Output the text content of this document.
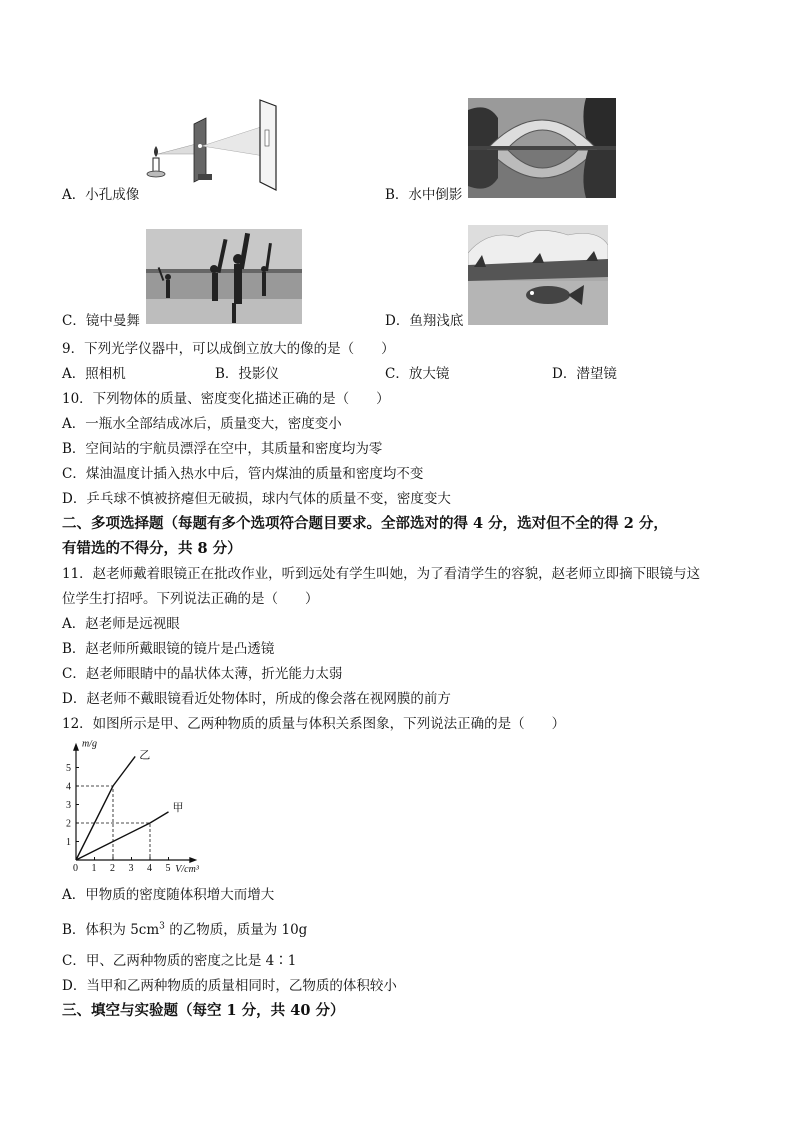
A．小孔成像	B．水中倒影
C．镜中曼舞	D．鱼翔浅底
9．下列光学仪器中，可以成倒立放大的像的是（　　）
A．照相机	B．投影仪	C．放大镜	D．潜望镜
10．下列物体的质量、密度变化描述正确的是（　　）
A．一瓶水全部结成冰后，质量变大，密度变小
B．空间站的宇航员漂浮在空中，其质量和密度均为零
C．煤油温度计插入热水中后，管内煤油的质量和密度均不变
D．乒乓球不慎被挤瘪但无破损，球内气体的质量不变，密度变大
二、多项选择题（每题有多个选项符合题目要求。全部选对的得 4 分，选对但不全的得 2 分，
有错选的不得分，共 8 分）
11．赵老师戴着眼镜正在批改作业，听到远处有学生叫她，为了看清学生的容貌，赵老师立即摘下眼镜与这
位学生打招呼。下列说法正确的是（　　）
A．赵老师是远视眼
B．赵老师所戴眼镜的镜片是凸透镜
C．赵老师眼睛中的晶状体太薄，折光能力太弱
D．赵老师不戴眼镜看近处物体时，所成的像会落在视网膜的前方
12．如图所示是甲、乙两种物质的质量与体积关系图象，下列说法正确的是（　　）
0 1 2 3 4 5
1
2
3
4
5
m/g
V/cm³
乙
甲
A．甲物质的密度随体积增大而增大
B．体积为 $5cm^3$ 的乙物质，质量为 10g
C．甲、乙两种物质的密度之比是 4∶1
D．当甲和乙两种物质的质量相同时，乙物质的体积较小
三、填空与实验题（每空 1 分，共 40 分）
